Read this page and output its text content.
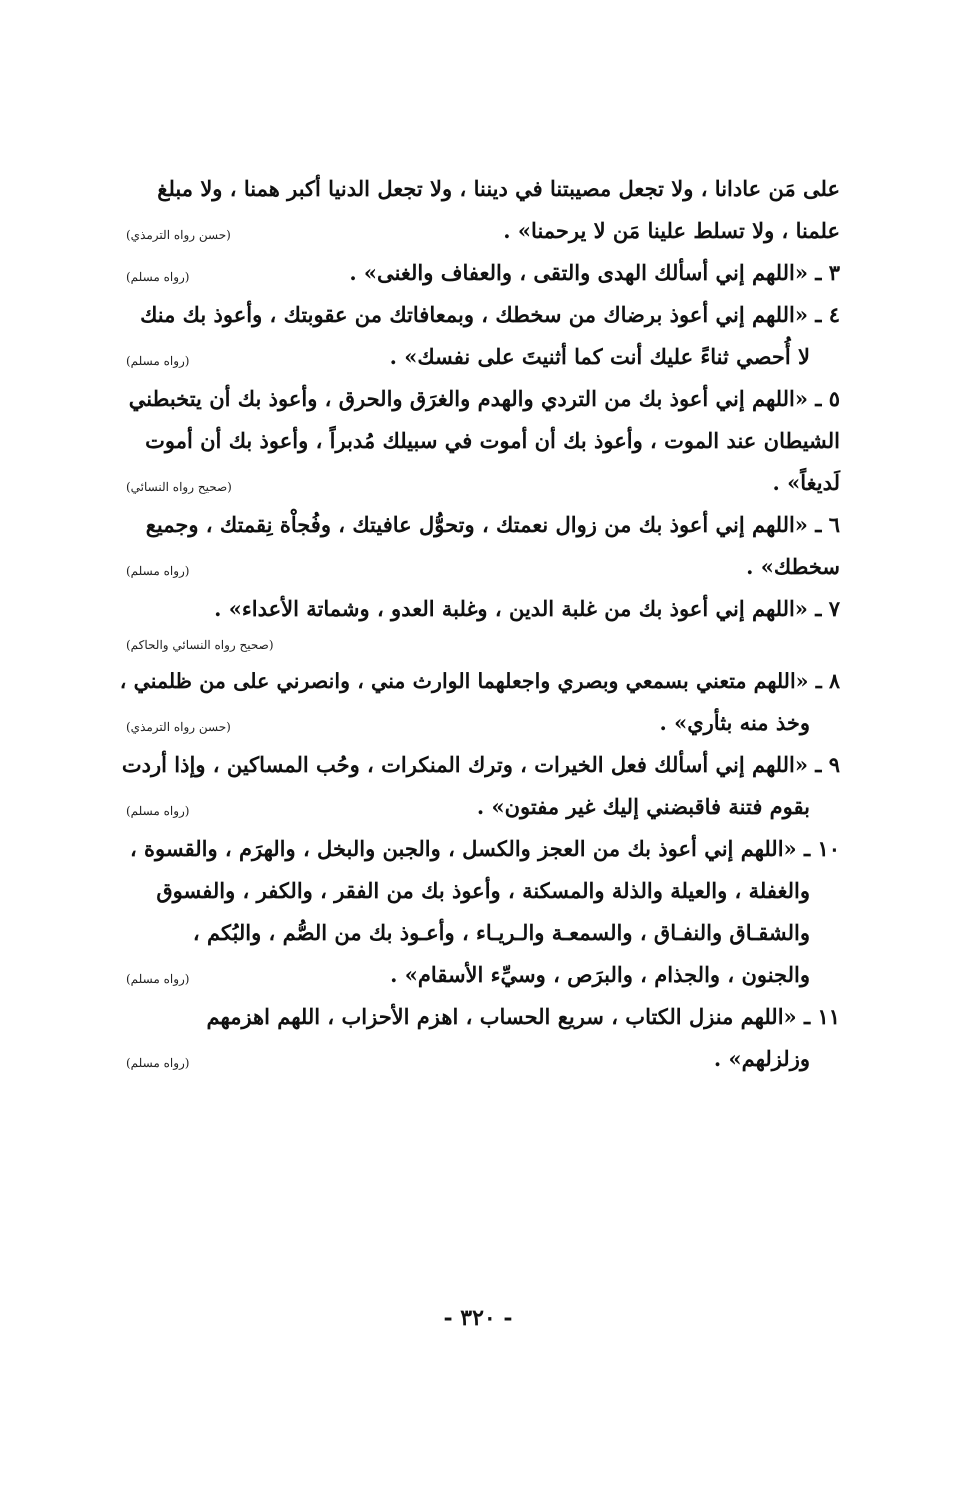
على مَن عادانا ، ولا تجعل مصيبتنا في ديننا ، ولا تجعل الدنيا أكبر همنا ، ولا مبلغ
علمنا ، ولا تسلط علينا مَن لا يرحمنا» .
(حسن رواه الترمذي)
٣ ـ «اللهم إني أسألك الهدى والتقى ، والعفاف والغنى» .
(رواه مسلم)
٤ ـ «اللهم إني أعوذ برضاك من سخطك ، وبمعافاتك من عقوبتك ، وأعوذ بك منك
لا أُحصي ثناءً عليك أنت كما أثنيتَ على نفسك» .
(رواه مسلم)
٥ ـ «اللهم إني أعوذ بك من التردي والهدم والغرَق والحرق ، وأعوذ بك أن يتخبطني
الشيطان عند الموت ، وأعوذ بك أن أموت في سبيلك مُدبراً ، وأعوذ بك أن أموت
لَديغاً» .
(صحيح رواه النسائي)
٦ ـ «اللهم إني أعوذ بك من زوال نعمتك ، وتحوُّل عافيتك ، وفُجاْة نِقمتك ، وجميع
سخطك» .
(رواه مسلم)
٧ ـ «اللهم إني أعوذ بك من غلبة الدين ، وغلبة العدو ، وشماتة الأعداء» .
(صحيح رواه النسائي والحاكم)
٨ ـ «اللهم متعني بسمعي وبصري واجعلهما الوارث مني ، وانصرني على من ظلمني ،
وخذ منه بثأري» .
(حسن رواه الترمذي)
٩ ـ «اللهم إني أسألك فعل الخيرات ، وترك المنكرات ، وحُب المساكين ، وإذا أردت
بقوم فتنة فاقبضني إليك غير مفتون» .
(رواه مسلم)
١٠ ـ «اللهم إني أعوذ بك من العجز والكسل ، والجبن والبخل ، والهرَم ، والقسوة ،
والغفلة ، والعيلة والذلة والمسكنة ، وأعوذ بك من الفقر ، والكفر ، والفسوق
والشقـاق والنفـاق ، والسمعـة والـريـاء ، وأعـوذ بك من الصُّم ، والبُكم ،
والجنون ، والجذام ، والبرَص ، وسيِّء الأسقام» .
(رواه مسلم)
١١ ـ «اللهم منزل الكتاب ، سريع الحساب ، اهزم الأحزاب ، اللهم اهزمهم
وزلزلهم» .
(رواه مسلم)
- ٣٢٠ -
